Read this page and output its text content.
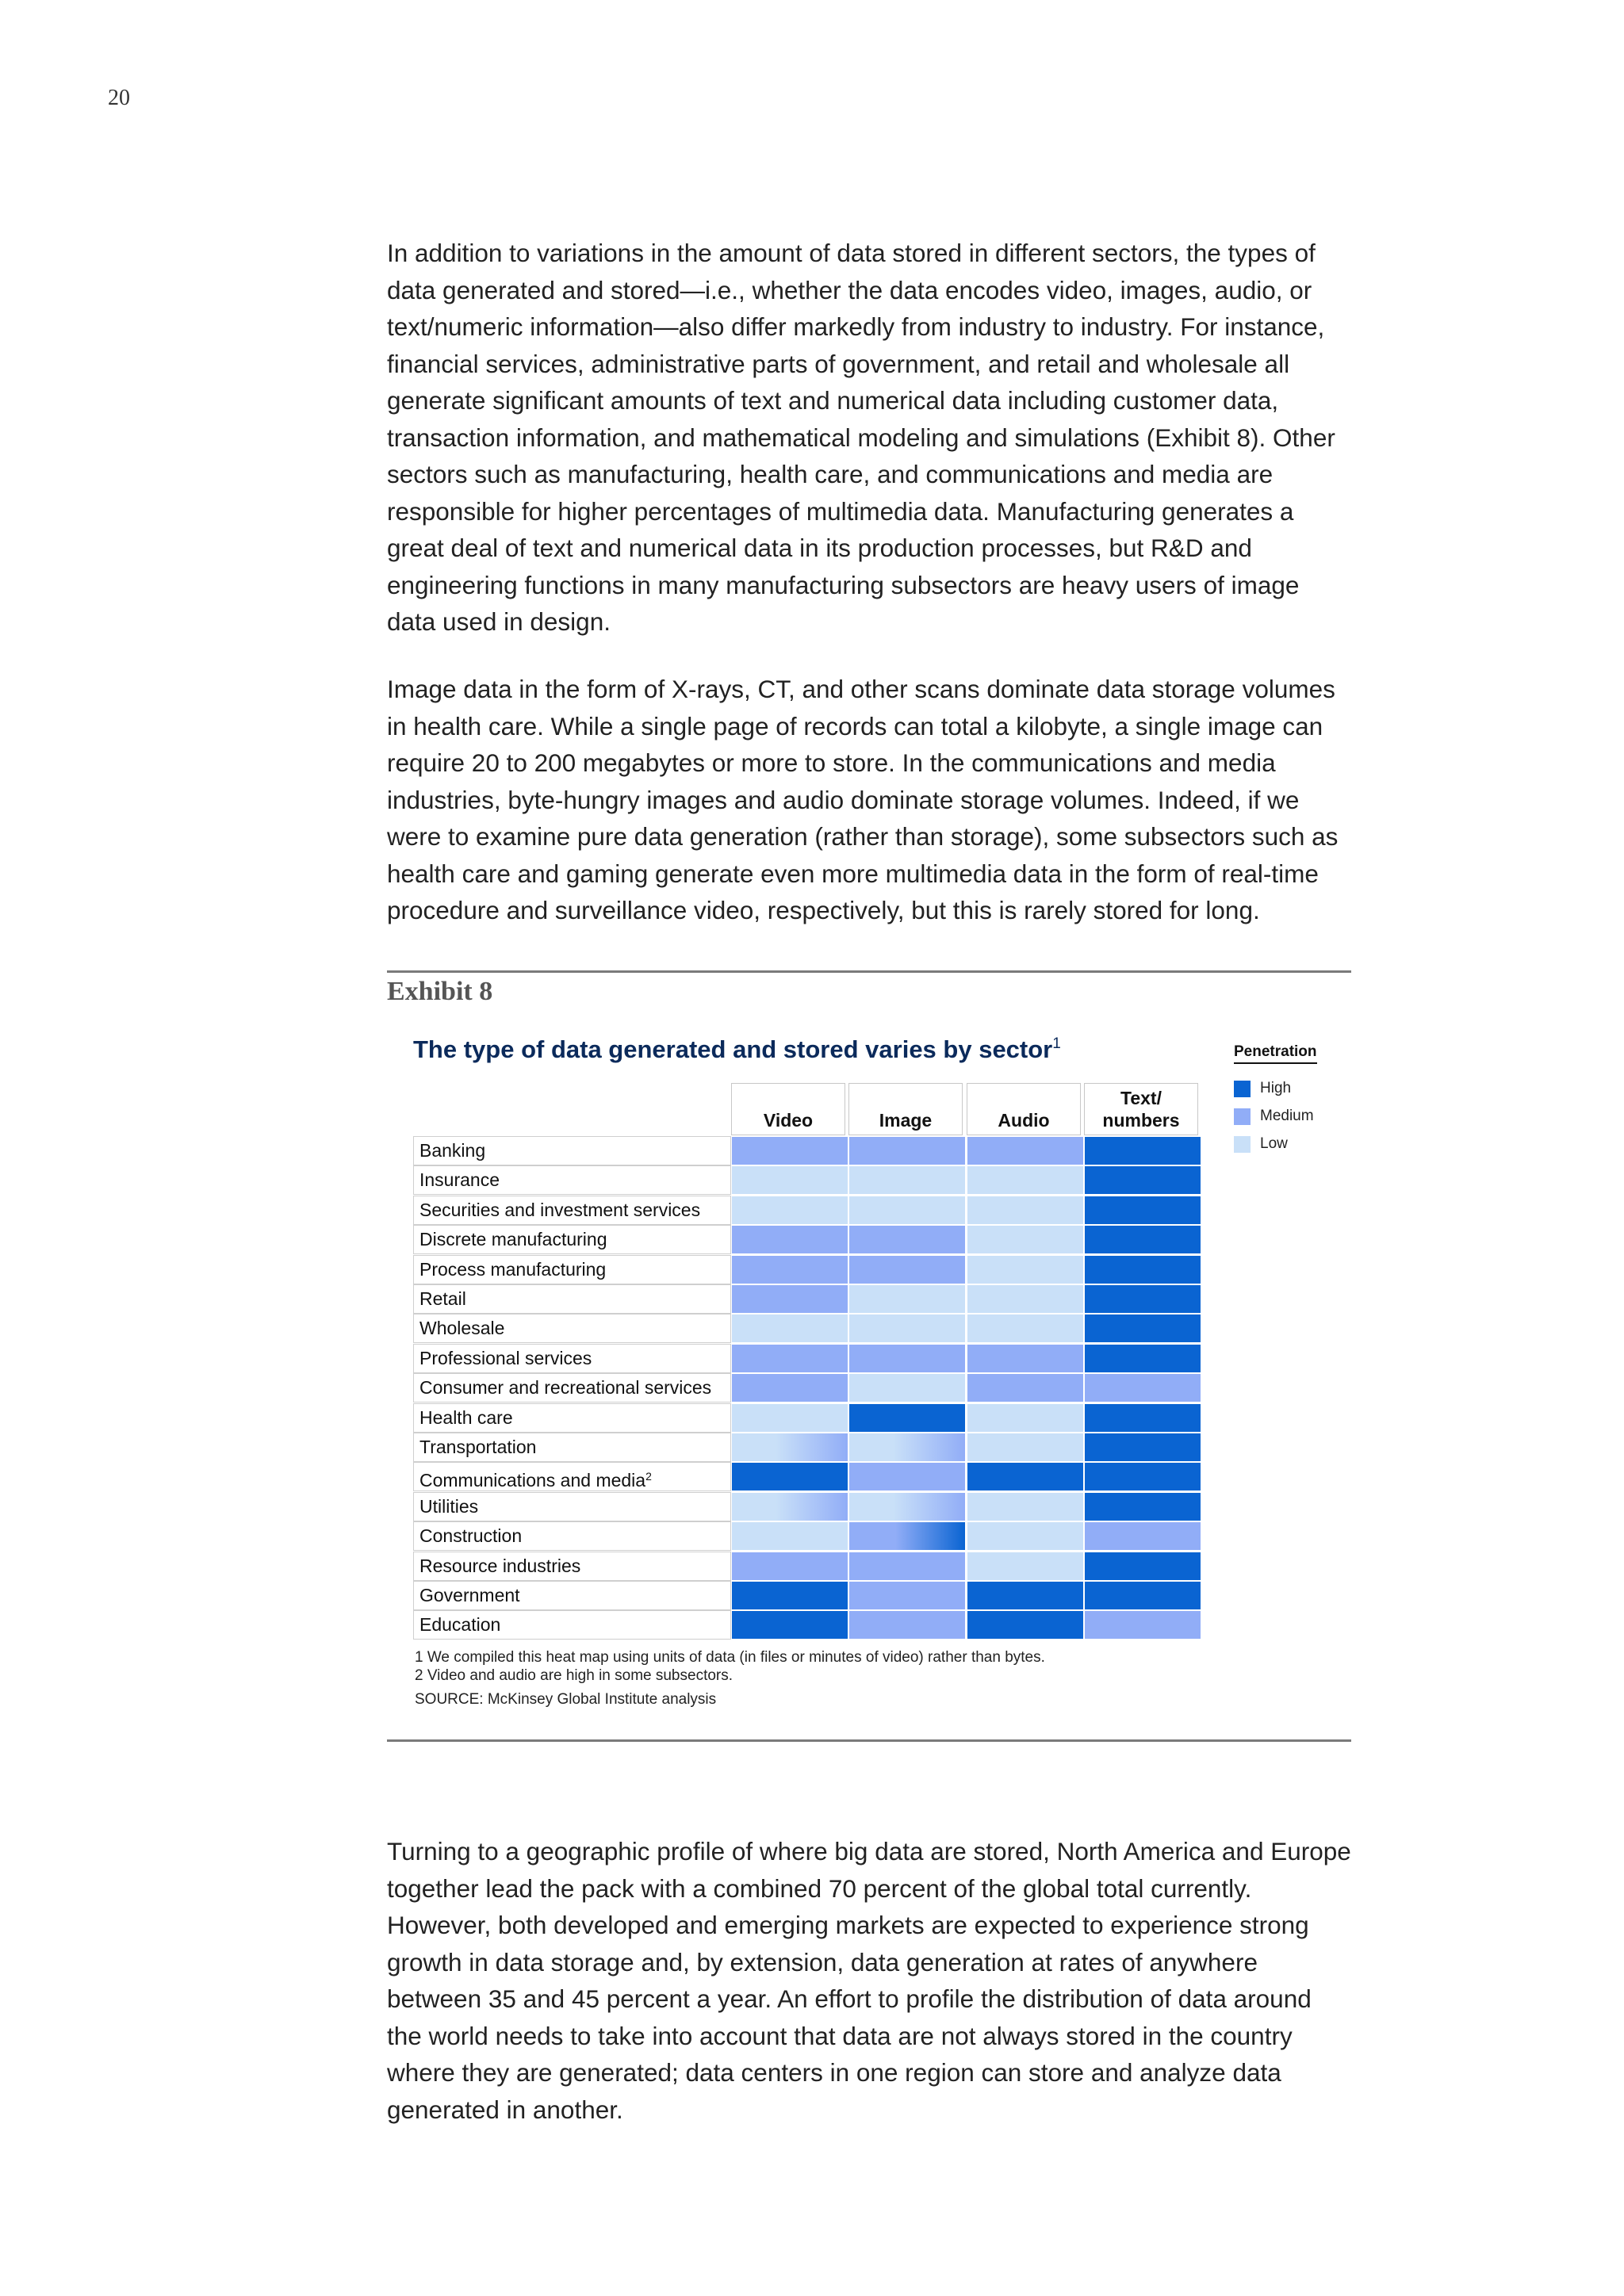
20

In addition to variations in the amount of data stored in different sectors, the types of data generated and stored—i.e., whether the data encodes video, images, audio, or text/numeric information—also differ markedly from industry to industry. For instance, financial services, administrative parts of government, and retail and wholesale all generate significant amounts of text and numerical data including customer data, transaction information, and mathematical modeling and simulations (Exhibit 8). Other sectors such as manufacturing, health care, and communications and media are responsible for higher percentages of multimedia data. Manufacturing generates a great deal of text and numerical data in its production processes, but R&D and engineering functions in many manufacturing subsectors are heavy users of image data used in design.

Image data in the form of X-rays, CT, and other scans dominate data storage volumes in health care. While a single page of records can total a kilobyte, a single image can require 20 to 200 megabytes or more to store. In the communications and media industries, byte-hungry images and audio dominate storage volumes. Indeed, if we were to examine pure data generation (rather than storage), some subsectors such as health care and gaming generate even more multimedia data in the form of real-time procedure and surveillance video, respectively, but this is rarely stored for long.

Exhibit 8
The type of data generated and stored varies by sector$^1$
Video	Image	Audio
Text/
numbers
Banking
Insurance
Securities and investment services
Discrete manufacturing
Process manufacturing
Retail
Wholesale
Professional services
Consumer and recreational services
Health care
Transportation
Communications and media$^2$
Utilities
Construction
Resource industries
Government
Education
Penetration
High
Medium
Low
1 We compiled this heat map using units of data (in files or minutes of video) rather than bytes.
2 Video and audio are high in some subsectors.
SOURCE: McKinsey Global Institute analysis

Turning to a geographic profile of where big data are stored, North America and Europe together lead the pack with a combined 70 percent of the global total currently. However, both developed and emerging markets are expected to experience strong growth in data storage and, by extension, data generation at rates of anywhere between 35 and 45 percent a year. An effort to profile the distribution of data around the world needs to take into account that data are not always stored in the country where they are generated; data centers in one region can store and analyze data generated in another.
